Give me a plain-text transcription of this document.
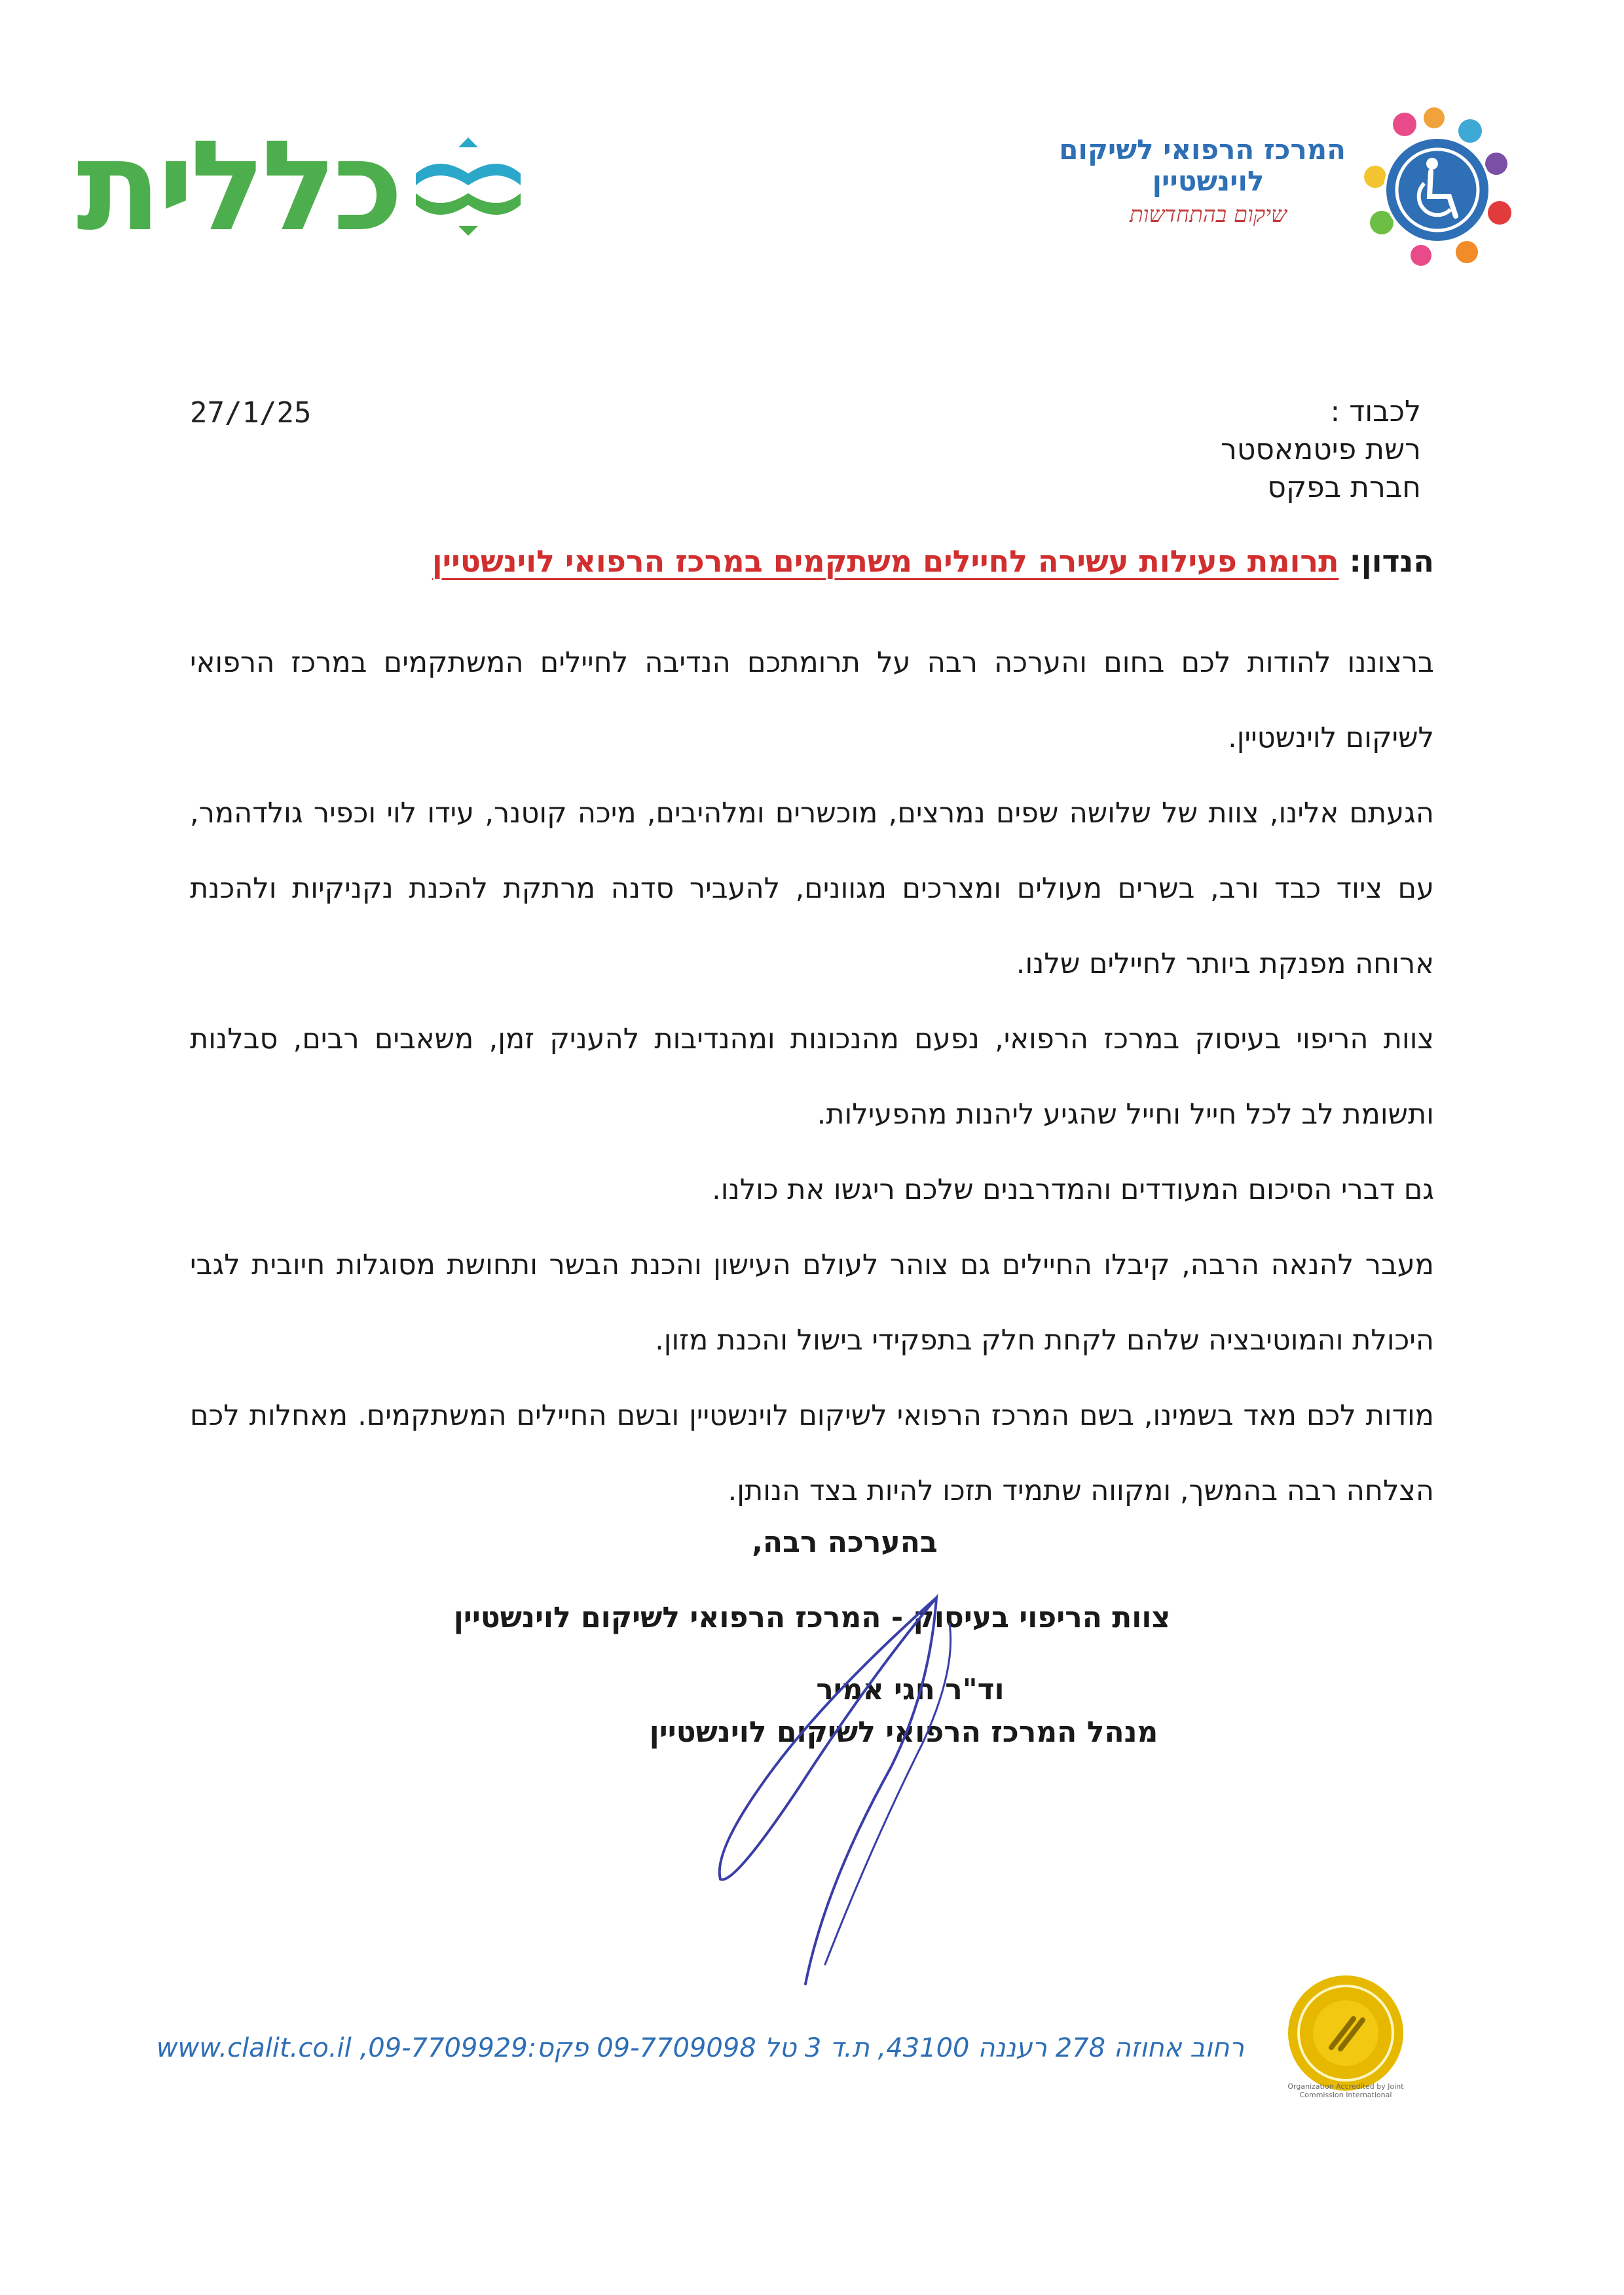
כללית	המרכז הרפואי לשיקום
לוינשטיין
שיקום בהתחדשות
27/1/25	לכבוד :
רשת פיטמאסטר
חברת בפקס
הנדון: תרומת פעילות עשירה לחיילים משתקמים במרכז הרפואי לוינשטיין

ברצוננו להודות לכם בחום והערכה רבה על תרומתכם הנדיבה לחיילים המשתקמים במרכז הרפואי לשיקום לוינשטיין.

הגעתם אלינו, צוות של שלושה שפים נמרצים, מוכשרים ומלהיבים, מיכה קוטנר, עידו לוי וכפיר גולדהמר, עם ציוד כבד ורב, בשרים מעולים ומצרכים מגוונים, להעביר סדנה מרתקת להכנת נקניקיות ולהכנת ארוחה מפנקת ביותר לחיילים שלנו.

צוות הריפוי בעיסוק במרכז הרפואי, נפעם מהנכונות ומהנדיבות להעניק זמן, משאבים רבים, סבלנות ותשומת לב לכל חייל וחייל שהגיע ליהנות מהפעילות.

גם דברי הסיכום המעודדים והמדרבנים שלכם ריגשו את כולנו.

מעבר להנאה הרבה, קיבלו החיילים גם צוהר לעולם העישון והכנת הבשר ותחושת מסוגלות חיובית לגבי היכולת והמוטיבציה שלהם לקחת חלק בתפקידי בישול והכנת מזון.

מודות לכם מאד בשמינו, בשם המרכז הרפואי לשיקום לוינשטיין ובשם החיילים המשתקמים. מאחלות לכם הצלחה רבה בהמשך, ומקווה שתמיד תזכו להיות בצד הנותן.

בהערכה רבה,
צוות הריפוי בעיסוק - המרכז הרפואי לשיקום לוינשטיין
וד"ר חגי אמיר
מנהל המרכז הרפואי לשיקום לוינשטיין
רחוב אחוזה 278 רעננה 43100, ת.ד 3 טל 09-7709098 פקס:09-7709929, www.clalit.co.il
Organization Accredited by Joint Commission International
